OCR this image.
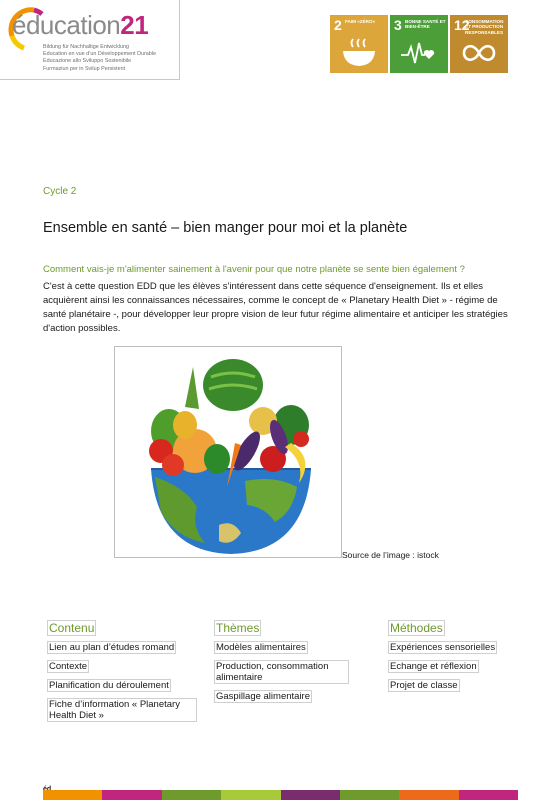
éducation21
Bildung für Nachhaltige Entwicklung
Education en vue d’un Développement Durable
Educazione allo Sviluppo Sostenibile
Furmaziun per in Svilup Persistent
2 FAIM «ZÉRO»	3 BONNE SANTÉ ET BIEN-ÊTRE	12
CONSOMMATION ET PRODUCTION RESPONSABLES
Cycle 2
Ensemble en santé – bien manger pour moi et la planète
Comment vais-je m'alimenter sainement à l'avenir pour que notre planète se sente bien également ?

C'est à cette question EDD que les élèves s'intéressent dans cette séquence d'enseignement. Ils et elles acquièrent ainsi les connaissances nécessaires, comme le concept de « Planetary Health Diet » - régime de santé planétaire -, pour développer leur propre vision de leur futur régime alimentaire et anticiper les stratégies d'action possibles.

Source de l’image : istock
Contenu
Lien au plan d’études romand
Contexte
Planification du déroulement
Fiche d’information « Planetary Health Diet »
Thèmes
Modèles alimentaires
Production, consommation alimentaire
Gaspillage alimentaire
Méthodes
Expériences sensorielles
Echange et réflexion
Projet de classe
